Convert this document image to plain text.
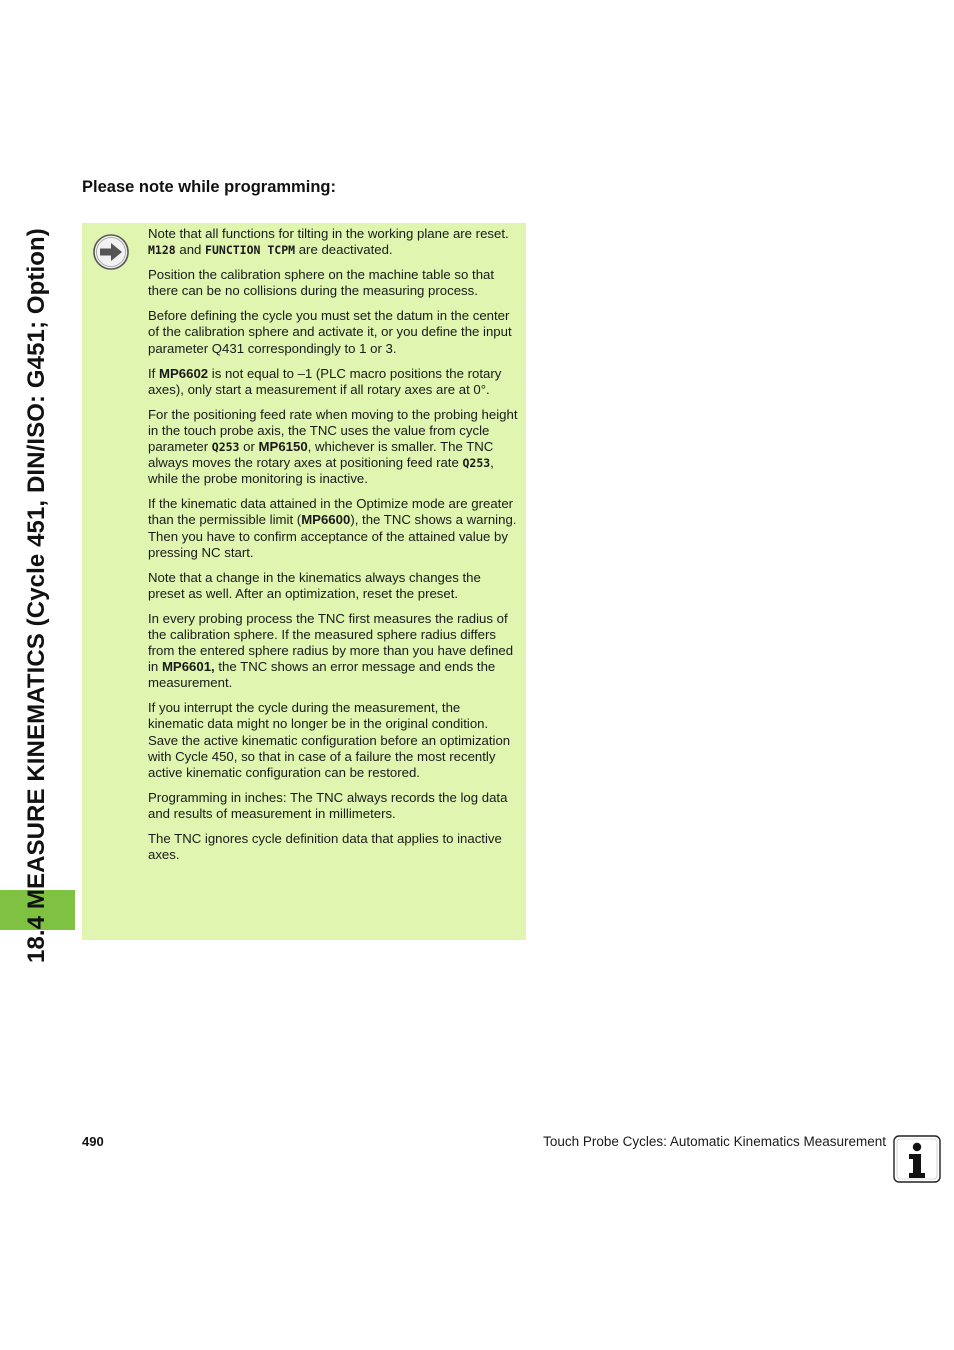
18.4 MEASURE KINEMATICS (Cycle 451, DIN/ISO: G451; Option)
Please note while programming:

Note that all functions for tilting in the working plane are reset. M128 and FUNCTION TCPM are deactivated.

Position the calibration sphere on the machine table so that there can be no collisions during the measuring process.

Before defining the cycle you must set the datum in the center of the calibration sphere and activate it, or you define the input parameter Q431 correspondingly to 1 or 3.

If MP6602 is not equal to –1 (PLC macro positions the rotary axes), only start a measurement if all rotary axes are at 0°.

For the positioning feed rate when moving to the probing height in the touch probe axis, the TNC uses the value from cycle parameter Q253 or MP6150, whichever is smaller. The TNC always moves the rotary axes at positioning feed rate Q253, while the probe monitoring is inactive.

If the kinematic data attained in the Optimize mode are greater than the permissible limit (MP6600), the TNC shows a warning. Then you have to confirm acceptance of the attained value by pressing NC start.

Note that a change in the kinematics always changes the preset as well. After an optimization, reset the preset.

In every probing process the TNC first measures the radius of the calibration sphere. If the measured sphere radius differs from the entered sphere radius by more than you have defined in MP6601, the TNC shows an error message and ends the measurement.

If you interrupt the cycle during the measurement, the kinematic data might no longer be in the original condition. Save the active kinematic configuration before an optimization with Cycle 450, so that in case of a failure the most recently active kinematic configuration can be restored.

Programming in inches: The TNC always records the log data and results of measurement in millimeters.

The TNC ignores cycle definition data that applies to inactive axes.

490	Touch Probe Cycles: Automatic Kinematics Measurement
